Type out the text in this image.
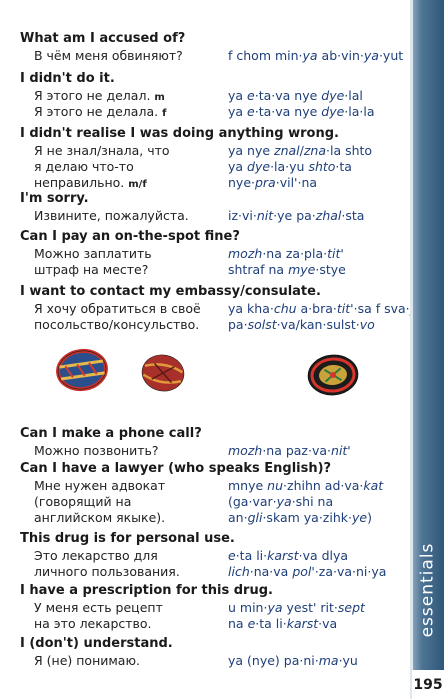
What am I accused of?
В чём меня обвиняют?	f chom min·ya ab·vin·ya·yut
I didn't do it.
Я этого не делал. m	ya e·ta·va nye dye·lal
Я этого не делала. f	ya e·ta·va nye dye·la·la
I didn't realise I was doing anything wrong.
Я не знал/знала, что	ya nye znal/zna·la shto
я делаю что-то	ya dye·la·yu shto·ta
неправильно. m/f	nye·pra·vil'·na
I'm sorry.
Извините, пожалуйста.	iz·vi·nit·ye pa·zhal·sta
Can I pay an on-the-spot fine?
Можно заплатить	mozh·na za·pla·tit'
штраф на месте?	shtraf na mye·stye
I want to contact my embassy/consulate.
Я хочу обратиться в своё ya kha·chu a·bra·tit'·sa f sva·
посольство/консульство. pa·solst·va/kan·sulst·vo
Can I make a phone call?
Можно позвонить?	mozh·na paz·va·nit'
Can I have a lawyer (who speaks English)?
Мне нужен адвокат	mnye nu·zhihn ad·va·kat
(говорящий на	(ga·var·ya·shi na
английском якыке).	an·gli·skam ya·zihk·ye)
This drug is for personal use.
Это лекарство для	e·ta li·karst·va dlya
личного пользования.	lich·na·va pol'·za·va·ni·ya
I have a prescription for this drug.
У меня есть рецепт	u min·ya yest' rit·sept
на это лекарство.	na e·ta li·karst·va
I (don't) understand.
Я (не) понимаю.	ya (nye) pa·ni·ma·yu
essentials
195
